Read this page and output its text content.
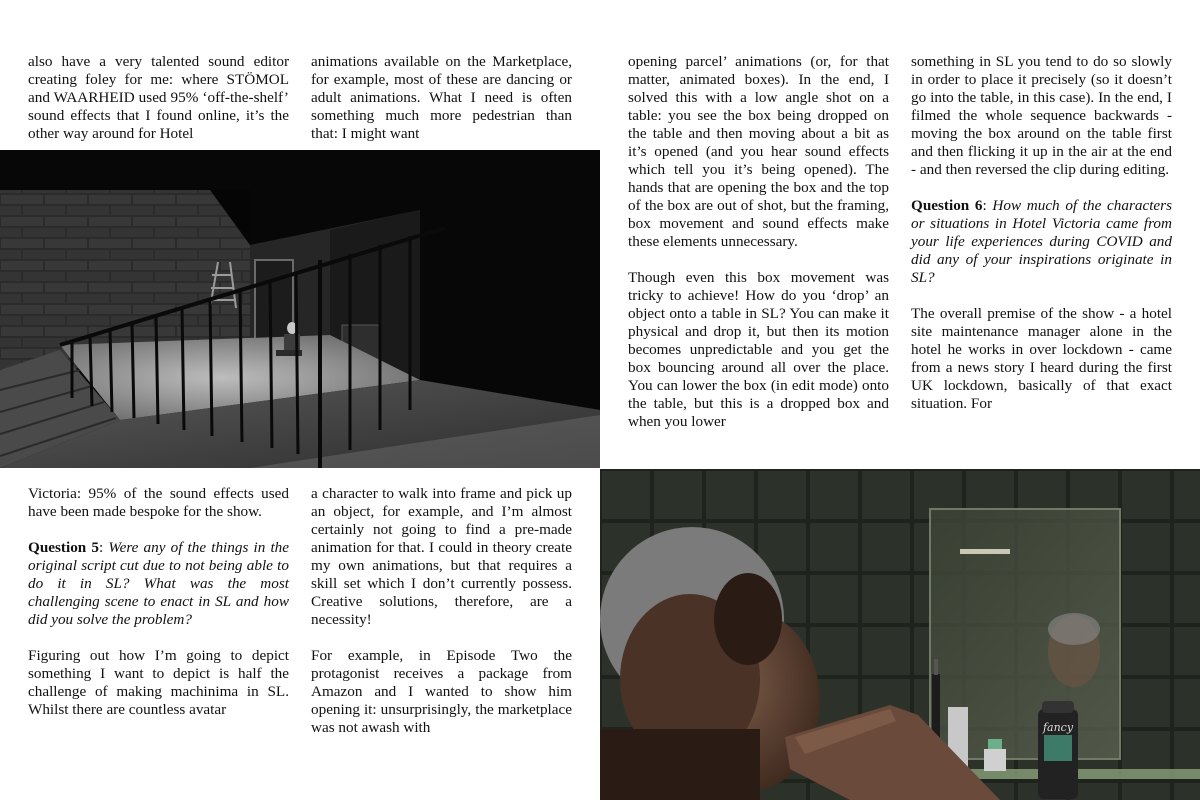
also have a very talented sound editor creating foley for me: where STÖMOL and WAARHEID used 95% ‘off-the-shelf’ sound effects that I found online, it’s the other way around for Hotel

animations available on the Marketplace, for example, most of these are dancing or adult animations. What I need is often something much more pedestrian than that: I might want

opening parcel’ animations (or, for that matter, animated boxes). In the end, I solved this with a low angle shot on a table: you see the box being dropped on the table and then moving about a bit as it’s opened (and you hear sound effects which tell you it’s being opened). The hands that are opening the box and the top of the box are out of shot, but the framing, box movement and sound effects make these elements unnecessary.

Though even this box movement was tricky to achieve! How do you ‘drop’ an object onto a table in SL? You can make it physical and drop it, but then its motion becomes unpredictable and you get the box bouncing around all over the place. You can lower the box (in edit mode) onto the table, but this is a dropped box and when you lower

something in SL you tend to do so slowly in order to place it precisely (so it doesn’t go into the table, in this case). In the end, I filmed the whole sequence backwards - moving the box around on the table first and then flicking it up in the air at the end - and then reversed the clip during editing.

Question 6: How much of the characters or situations in Hotel Victoria came from your life experiences during COVID and did any of your inspirations originate in SL?

The overall premise of the show - a hotel site maintenance manager alone in the hotel he works in over lockdown - came from a news story I heard during the first UK lockdown, basically of that exact situation. For

Victoria: 95% of the sound effects used have been made bespoke for the show.

Question 5: Were any of the things in the original script cut due to not being able to do it in SL? What was the most challenging scene to enact in SL and how did you solve the problem?

Figuring out how I’m going to depict something I want to depict is half the challenge of making machinima in SL. Whilst there are countless avatar

a character to walk into frame and pick up an object, for example, and I’m almost certainly not going to find a pre-made animation for that. I could in theory create my own animations, but that requires a skill set which I don’t currently possess. Creative solutions, therefore, are a necessity!

For example, in Episode Two the protagonist receives a package from Amazon and I wanted to show him opening it: unsurprisingly, the marketplace was not awash with	fancy
